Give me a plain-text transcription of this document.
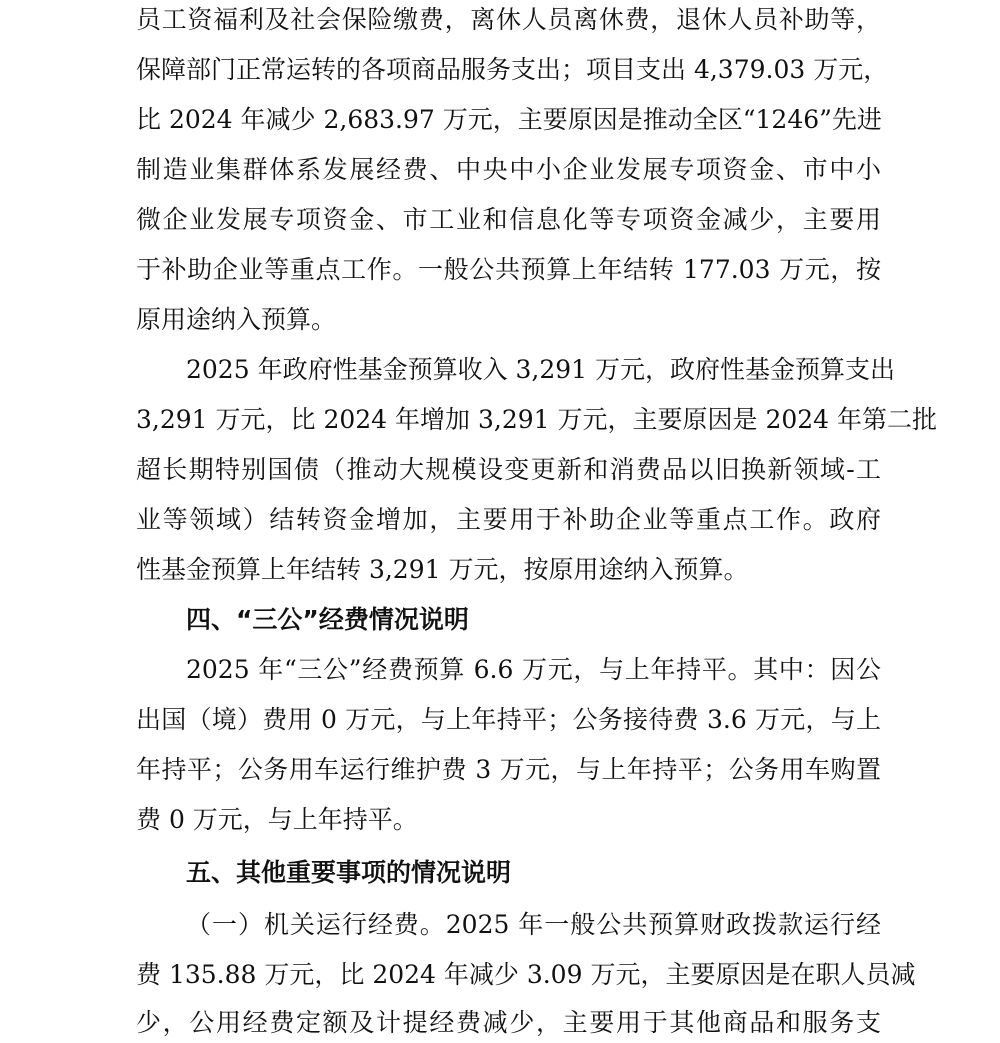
员工资福利及社会保险缴费，离休人员离休费，退休人员补助等，
保障部门正常运转的各项商品服务支出；项目支出 4,379.03 万元，
比 2024 年减少 2,683.97 万元，主要原因是推动全区“1246”先进
制造业集群体系发展经费、中央中小企业发展专项资金、市中小
微企业发展专项资金、市工业和信息化等专项资金减少，主要用
于补助企业等重点工作。一般公共预算上年结转 177.03 万元，按
原用途纳入预算。
2025 年政府性基金预算收入 3,291 万元，政府性基金预算支出
3,291 万元，比 2024 年增加 3,291 万元，主要原因是 2024 年第二批
超长期特别国债（推动大规模设变更新和消费品以旧换新领域-工
业等领域）结转资金增加，主要用于补助企业等重点工作。政府
性基金预算上年结转 3,291 万元，按原用途纳入预算。
四、“三公”经费情况说明
2025 年“三公”经费预算 6.6 万元，与上年持平。其中：因公
出国（境）费用 0 万元，与上年持平；公务接待费 3.6 万元，与上
年持平；公务用车运行维护费 3 万元，与上年持平；公务用车购置
费 0 万元，与上年持平。
五、其他重要事项的情况说明
（一）机关运行经费。2025 年一般公共预算财政拨款运行经
费 135.88 万元，比 2024 年减少 3.09 万元，主要原因是在职人员减
少，公用经费定额及计提经费减少，主要用于其他商品和服务支
